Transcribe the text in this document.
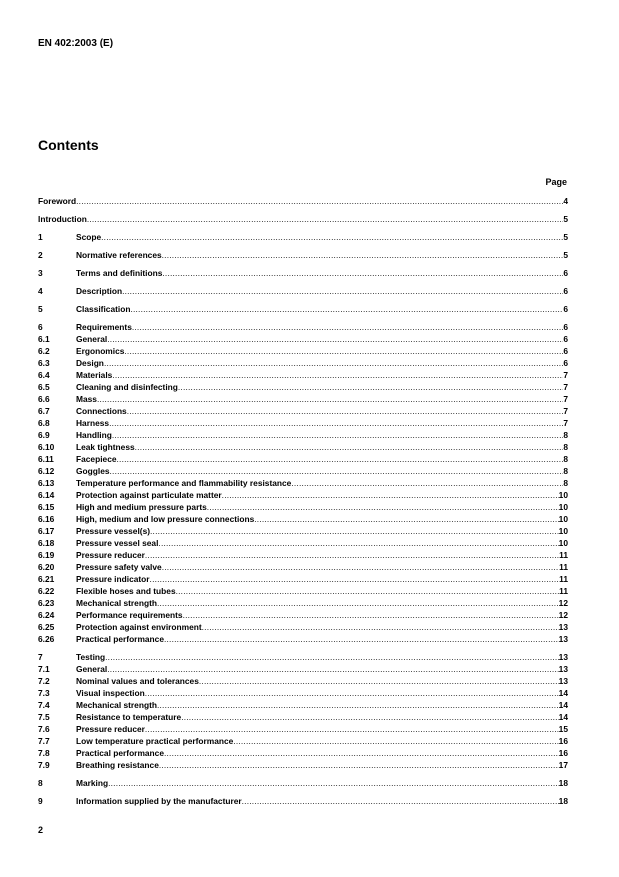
EN 402:2003 (E)
Contents
Page
Foreword .....	4
Introduction .....	5
1	Scope .....	5
2	Normative references .....	5
3	Terms and definitions .....	6
4	Description .....	6
5	Classification .....	6
6	Requirements .....	6
6.1	General .....	6
6.2	Ergonomics .....	6
6.3	Design .....	6
6.4	Materials .....	7
6.5	Cleaning and disinfecting .....	7
6.6	Mass .....	7
6.7	Connections .....	7
6.8	Harness .....	7
6.9	Handling .....	8
6.10	Leak tightness .....	8
6.11	Facepiece .....	8
6.12	Goggles .....	8
6.13	Temperature performance and flammability resistance .....	8
6.14	Protection against particulate matter .....	10
6.15	High and medium pressure parts .....	10
6.16	High, medium and low pressure connections .....	10
6.17	Pressure vessel(s) .....	10
6.18	Pressure vessel seal .....	10
6.19	Pressure reducer .....	11
6.20	Pressure safety valve .....	11
6.21	Pressure indicator .....	11
6.22	Flexible hoses and tubes .....	11
6.23	Mechanical strength .....	12
6.24	Performance requirements .....	12
6.25	Protection against environment .....	13
6.26	Practical performance .....	13
7	Testing .....	13
7.1	General .....	13
7.2	Nominal values and tolerances .....	13
7.3	Visual inspection .....	14
7.4	Mechanical strength .....	14
7.5	Resistance to temperature .....	14
7.6	Pressure reducer .....	15
7.7	Low temperature practical performance .....	16
7.8	Practical performance .....	16
7.9	Breathing resistance .....	17
8	Marking .....	18
9	Information supplied by the manufacturer .....	18
2
